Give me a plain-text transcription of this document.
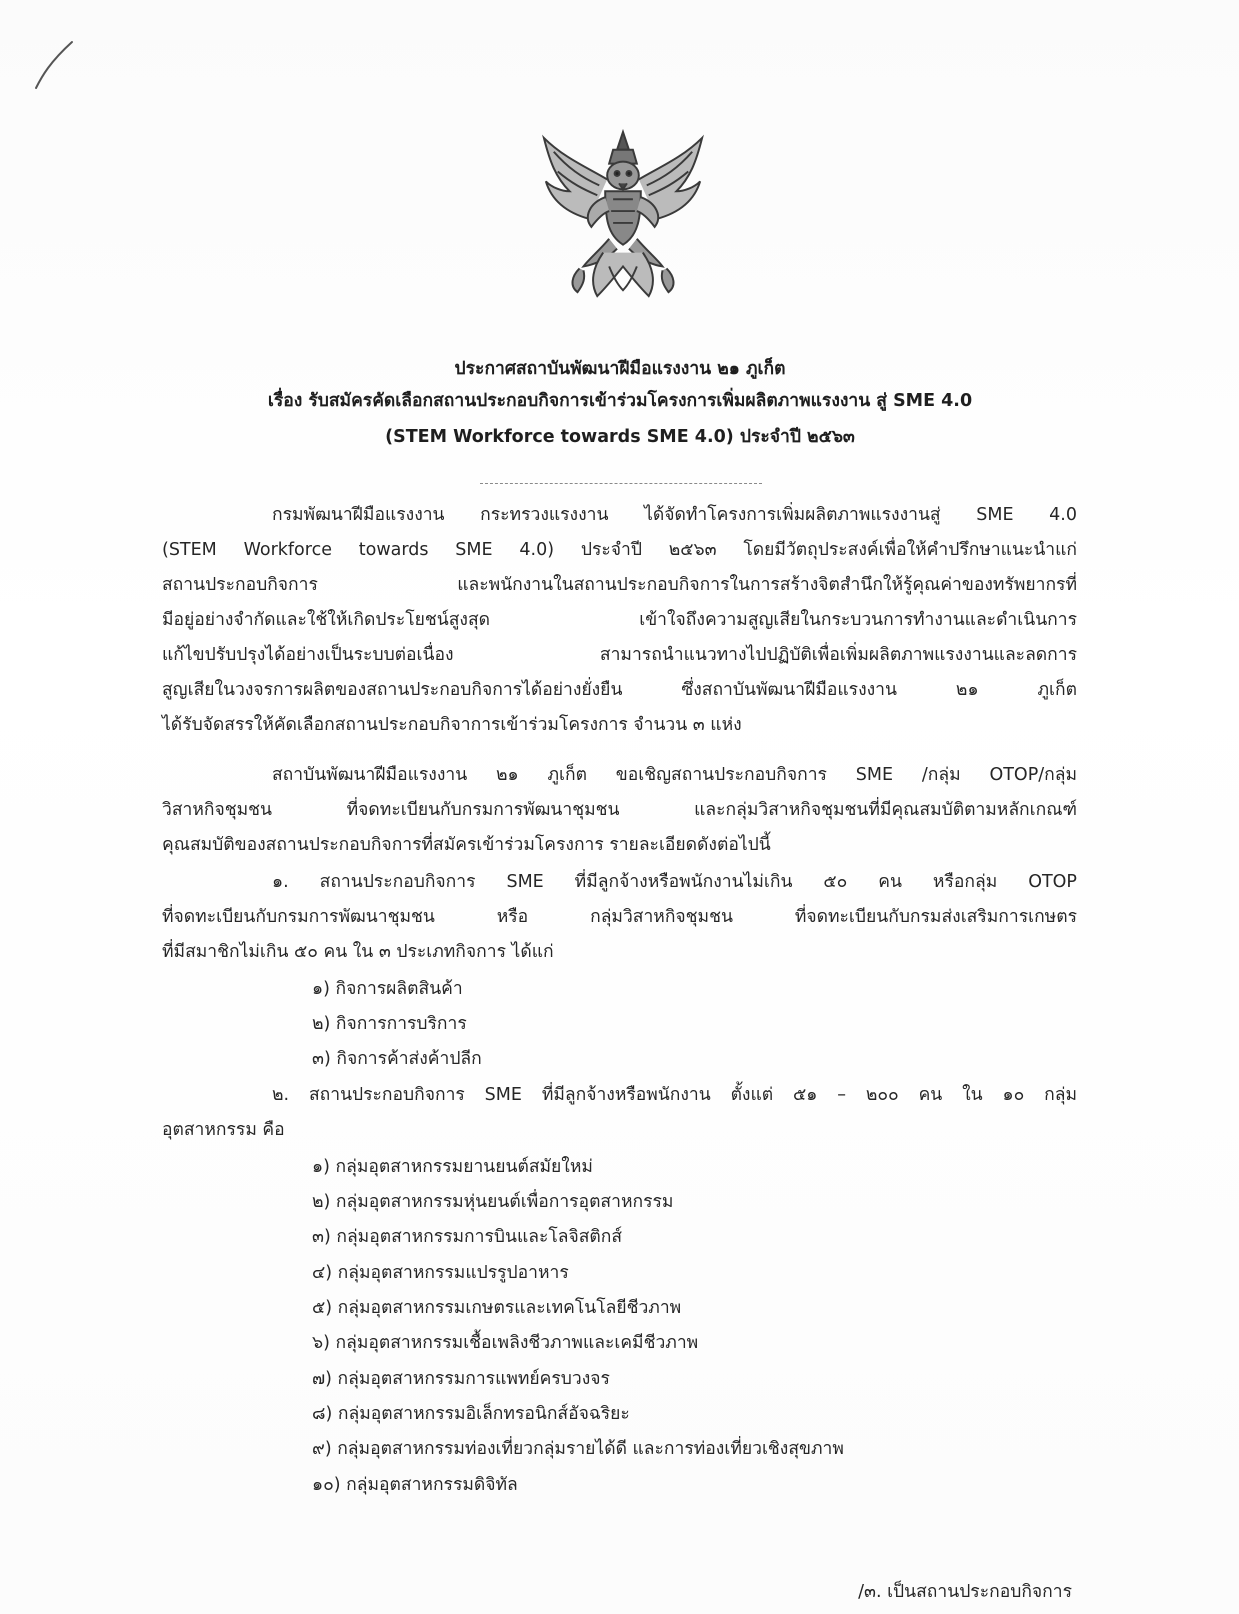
ประกาศสถาบันพัฒนาฝีมือแรงงาน ๒๑ ภูเก็ต
เรื่อง รับสมัครคัดเลือกสถานประกอบกิจการเข้าร่วมโครงการเพิ่มผลิตภาพแรงงาน สู่ SME 4.0
(STEM Workforce towards SME 4.0) ประจำปี ๒๕๖๓
กรมพัฒนาฝีมือแรงงาน กระทรวงแรงงาน ได้จัดทำโครงการเพิ่มผลิตภาพแรงงานสู่ SME 4.0
(STEM Workforce towards SME 4.0) ประจำปี ๒๕๖๓ โดยมีวัตถุประสงค์เพื่อให้คำปรึกษาแนะนำแก่
สถานประกอบกิจการ และพนักงานในสถานประกอบกิจการในการสร้างจิตสำนึกให้รู้คุณค่าของทรัพยากรที่
มีอยู่อย่างจำกัดและใช้ให้เกิดประโยชน์สูงสุด เข้าใจถึงความสูญเสียในกระบวนการทำงานและดำเนินการ
แก้ไขปรับปรุงได้อย่างเป็นระบบต่อเนื่อง สามารถนำแนวทางไปปฏิบัติเพื่อเพิ่มผลิตภาพแรงงานและลดการ
สูญเสียในวงจรการผลิตของสถานประกอบกิจการได้อย่างยั่งยืน ซึ่งสถาบันพัฒนาฝีมือแรงงาน ๒๑ ภูเก็ต
ได้รับจัดสรรให้คัดเลือกสถานประกอบกิจาการเข้าร่วมโครงการ จำนวน ๓ แห่ง
สถาบันพัฒนาฝีมือแรงงาน ๒๑ ภูเก็ต ขอเชิญสถานประกอบกิจการ SME /กลุ่ม OTOP/กลุ่ม
วิสาหกิจชุมชน ที่จดทะเบียนกับกรมการพัฒนาชุมชน และกลุ่มวิสาหกิจชุมชนที่มีคุณสมบัติตามหลักเกณฑ์
คุณสมบัติของสถานประกอบกิจการที่สมัครเข้าร่วมโครงการ รายละเอียดดังต่อไปนี้
๑. สถานประกอบกิจการ SME ที่มีลูกจ้างหรือพนักงานไม่เกิน ๕๐ คน หรือกลุ่ม OTOP
ที่จดทะเบียนกับกรมการพัฒนาชุมชน หรือ กลุ่มวิสาหกิจชุมชน ที่จดทะเบียนกับกรมส่งเสริมการเกษตร
ที่มีสมาชิกไม่เกิน ๕๐ คน ใน ๓ ประเภทกิจการ ได้แก่
๑) กิจการผลิตสินค้า
๒) กิจการการบริการ
๓) กิจการค้าส่งค้าปลีก
๒. สถานประกอบกิจการ SME ที่มีลูกจ้างหรือพนักงาน ตั้งแต่ ๕๑ – ๒๐๐ คน ใน ๑๐ กลุ่ม
อุตสาหกรรม คือ
๑) กลุ่มอุตสาหกรรมยานยนต์สมัยใหม่
๒) กลุ่มอุตสาหกรรมหุ่นยนต์เพื่อการอุตสาหกรรม
๓) กลุ่มอุตสาหกรรมการบินและโลจิสติกส์
๔) กลุ่มอุตสาหกรรมแปรรูปอาหาร
๕) กลุ่มอุตสาหกรรมเกษตรและเทคโนโลยีชีวภาพ
๖) กลุ่มอุตสาหกรรมเชื้อเพลิงชีวภาพและเคมีชีวภาพ
๗) กลุ่มอุตสาหกรรมการแพทย์ครบวงจร
๘) กลุ่มอุตสาหกรรมอิเล็กทรอนิกส์อัจฉริยะ
๙) กลุ่มอุตสาหกรรมท่องเที่ยวกลุ่มรายได้ดี และการท่องเที่ยวเชิงสุขภาพ
๑๐) กลุ่มอุตสาหกรรมดิจิทัล
/๓. เป็นสถานประกอบกิจการ
